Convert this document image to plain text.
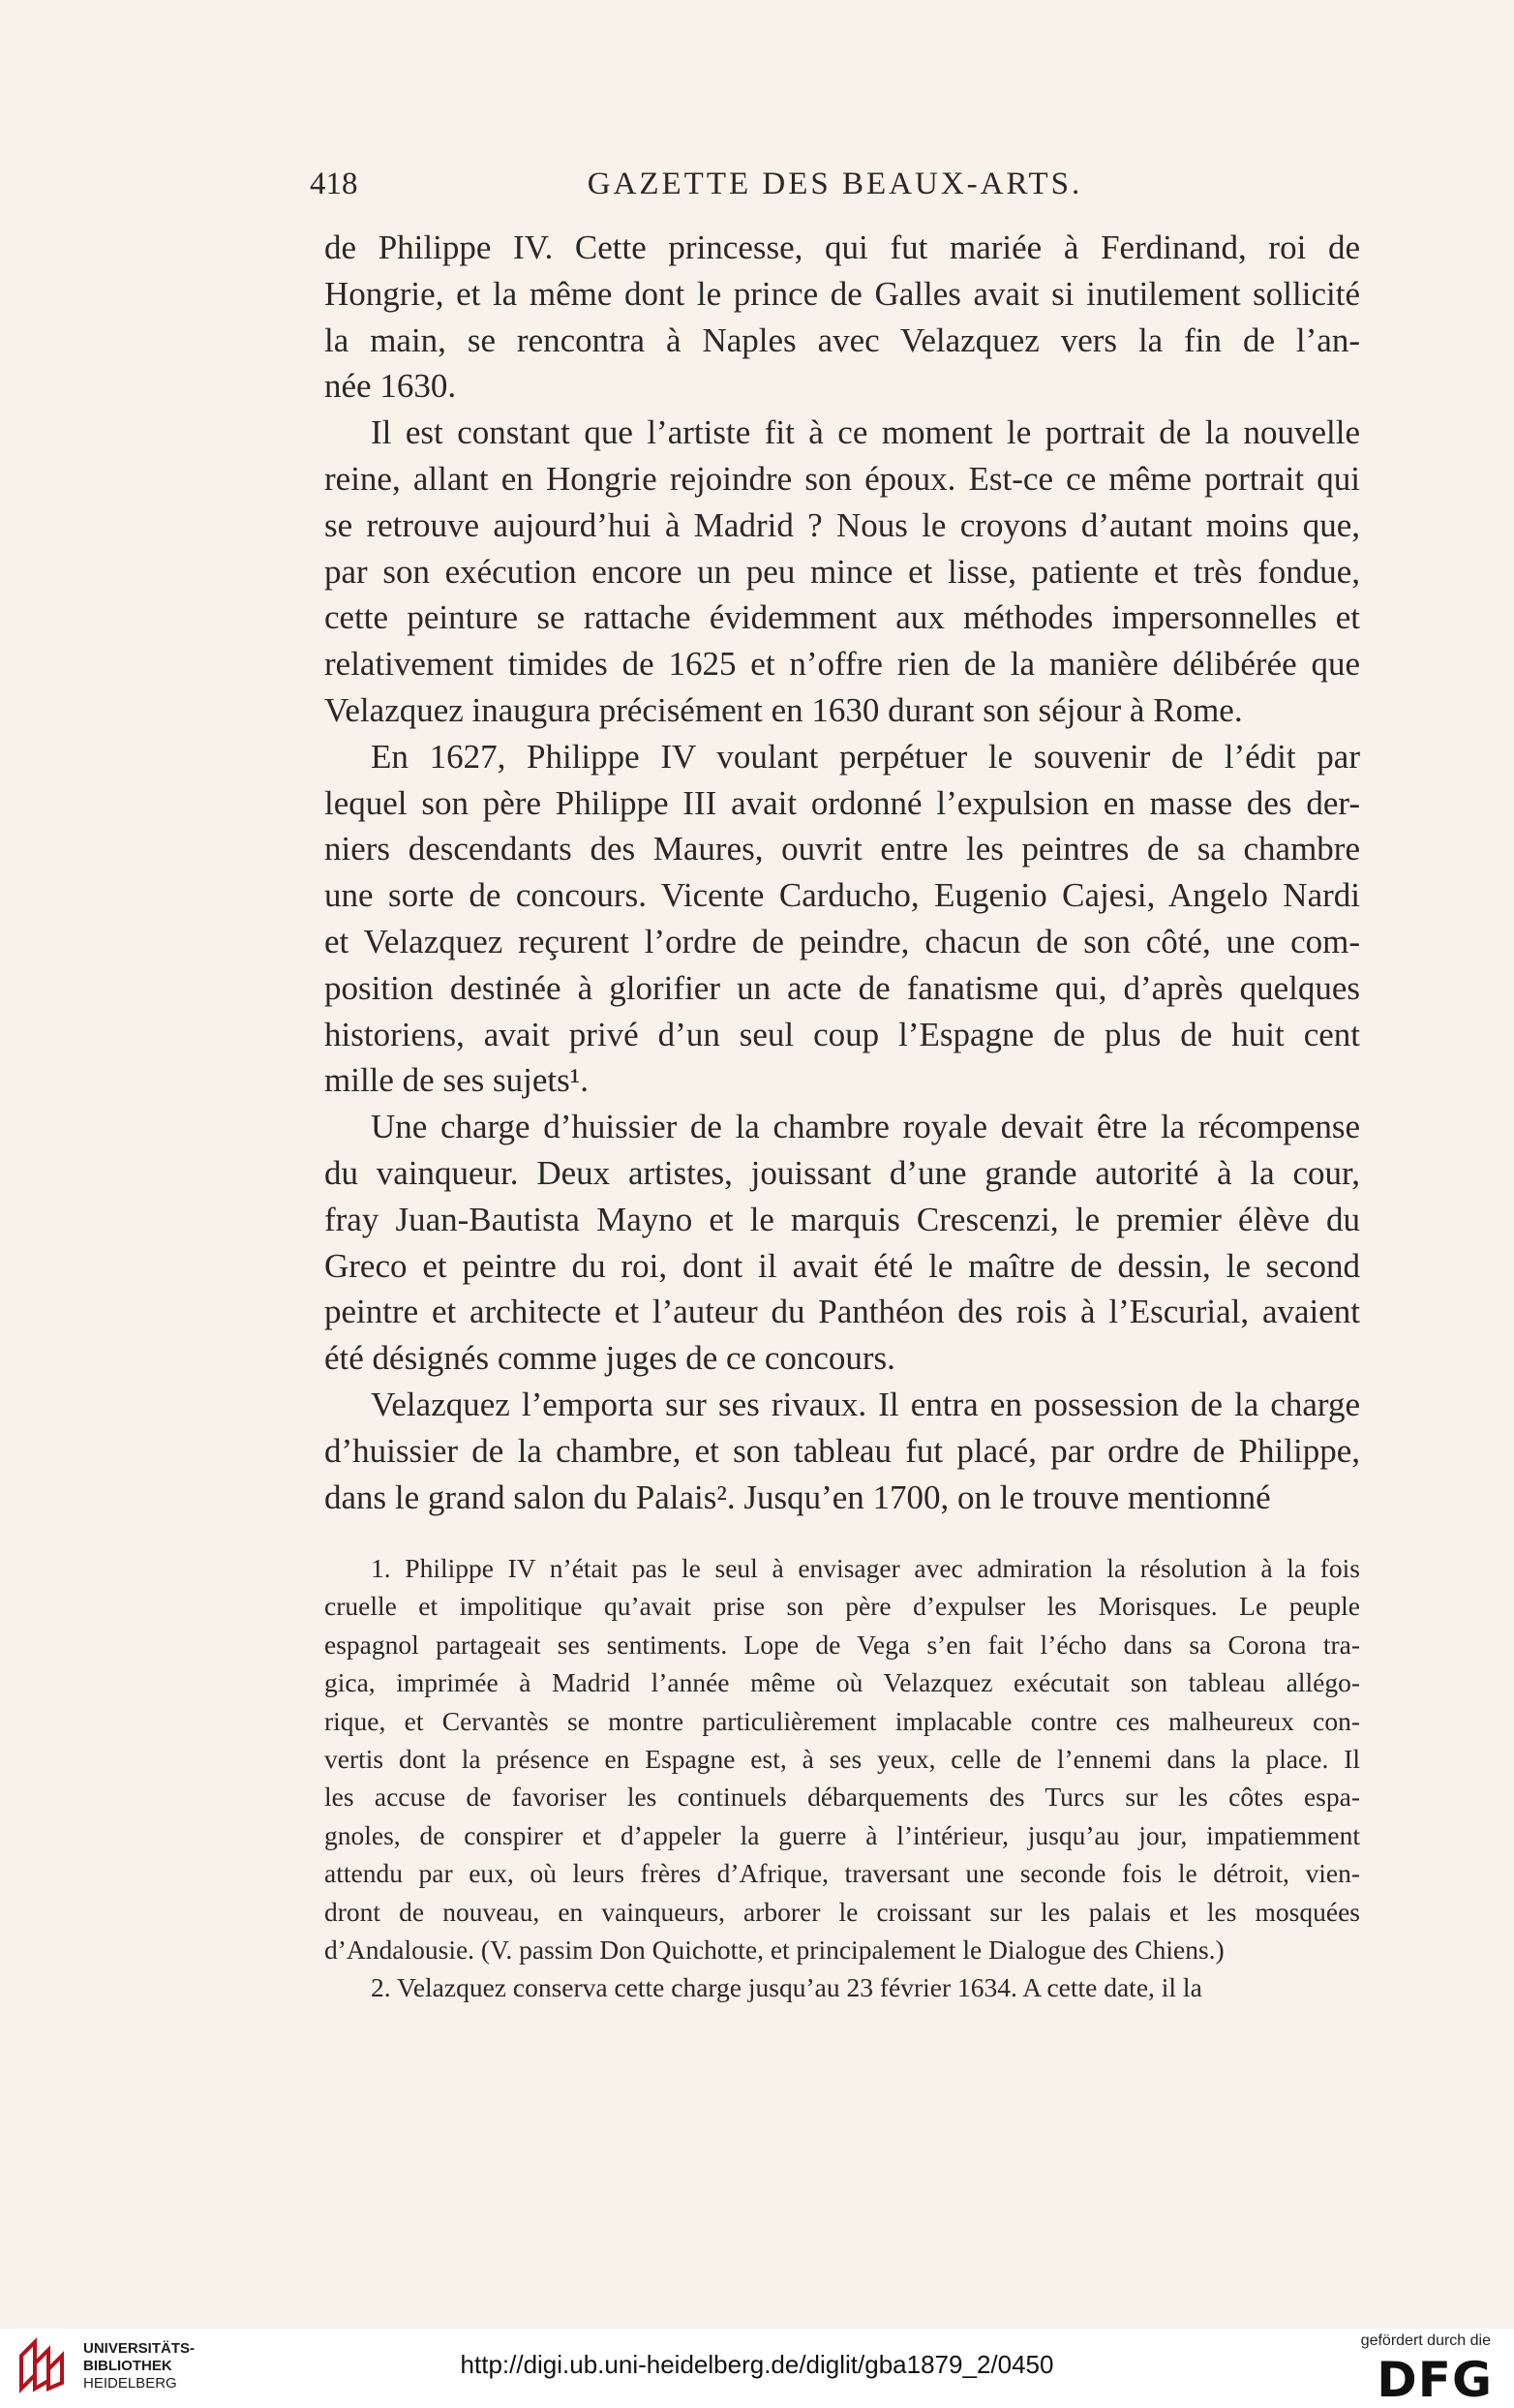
418	GAZETTE DES BEAUX-ARTS.
de Philippe IV. Cette princesse, qui fut mariée à Ferdinand, roi de
Hongrie, et la même dont le prince de Galles avait si inutilement sollicité
la main, se rencontra à Naples avec Velazquez vers la fin de l’an-
née 1630.
Il est constant que l’artiste fit à ce moment le portrait de la nouvelle
reine, allant en Hongrie rejoindre son époux. Est-ce ce même portrait qui
se retrouve aujourd’hui à Madrid ? Nous le croyons d’autant moins que,
par son exécution encore un peu mince et lisse, patiente et très fondue,
cette peinture se rattache évidemment aux méthodes impersonnelles et
relativement timides de 1625 et n’offre rien de la manière délibérée que
Velazquez inaugura précisément en 1630 durant son séjour à Rome.
En 1627, Philippe IV voulant perpétuer le souvenir de l’édit par
lequel son père Philippe III avait ordonné l’expulsion en masse des der-
niers descendants des Maures, ouvrit entre les peintres de sa chambre
une sorte de concours. Vicente Carducho, Eugenio Cajesi, Angelo Nardi
et Velazquez reçurent l’ordre de peindre, chacun de son côté, une com-
position destinée à glorifier un acte de fanatisme qui, d’après quelques
historiens, avait privé d’un seul coup l’Espagne de plus de huit cent
mille de ses sujets¹.
Une charge d’huissier de la chambre royale devait être la récompense
du vainqueur. Deux artistes, jouissant d’une grande autorité à la cour,
fray Juan-Bautista Mayno et le marquis Crescenzi, le premier élève du
Greco et peintre du roi, dont il avait été le maître de dessin, le second
peintre et architecte et l’auteur du Panthéon des rois à l’Escurial, avaient
été désignés comme juges de ce concours.
Velazquez l’emporta sur ses rivaux. Il entra en possession de la charge
d’huissier de la chambre, et son tableau fut placé, par ordre de Philippe,
dans le grand salon du Palais². Jusqu’en 1700, on le trouve mentionné
1. Philippe IV n’était pas le seul à envisager avec admiration la résolution à la fois
cruelle et impolitique qu’avait prise son père d’expulser les Morisques. Le peuple
espagnol partageait ses sentiments. Lope de Vega s’en fait l’écho dans sa Corona tra-
gica, imprimée à Madrid l’année même où Velazquez exécutait son tableau allégo-
rique, et Cervantès se montre particulièrement implacable contre ces malheureux con-
vertis dont la présence en Espagne est, à ses yeux, celle de l’ennemi dans la place. Il
les accuse de favoriser les continuels débarquements des Turcs sur les côtes espa-
gnoles, de conspirer et d’appeler la guerre à l’intérieur, jusqu’au jour, impatiemment
attendu par eux, où leurs frères d’Afrique, traversant une seconde fois le détroit, vien-
dront de nouveau, en vainqueurs, arborer le croissant sur les palais et les mosquées
d’Andalousie. (V. passim Don Quichotte, et principalement le Dialogue des Chiens.)
2. Velazquez conserva cette charge jusqu’au 23 février 1634. A cette date, il la
UNIVERSITÄTS-
BIBLIOTHEK
HEIDELBERG
http://digi.ub.uni-heidelberg.de/diglit/gba1879_2/0450
gefördert durch die
DFG
